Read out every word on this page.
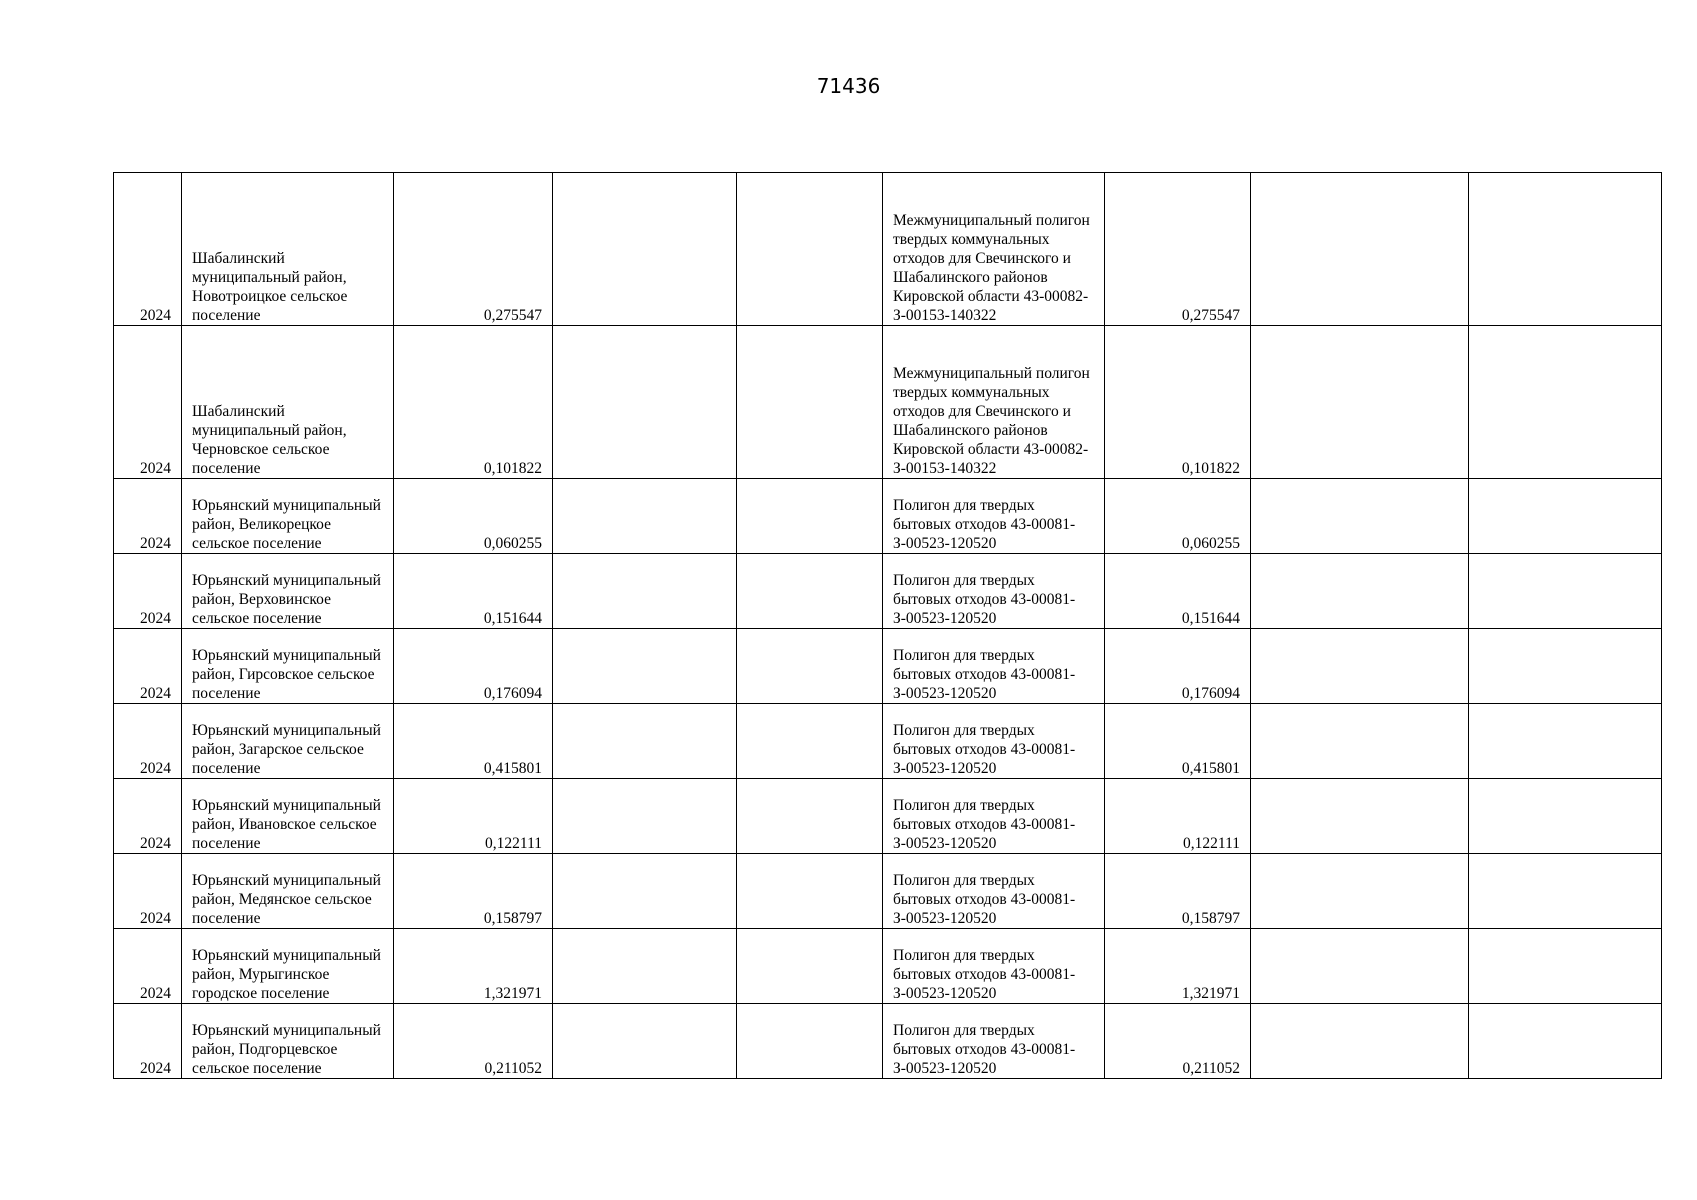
71436
2024	Шабалинский муниципальный район, Новотроицкое сельское поселение	0,275547			Межмуниципальный полигон твердых коммунальных отходов для Свечинского и Шабалинского районов Кировской области 43-00082-З-00153-140322	0,275547		
2024	Шабалинский муниципальный район, Черновское сельское поселение	0,101822			Межмуниципальный полигон твердых коммунальных отходов для Свечинского и Шабалинского районов Кировской области 43-00082-З-00153-140322	0,101822		
2024	Юрьянский муниципальный район, Великорецкое сельское поселение	0,060255			Полигон для твердых бытовых отходов 43-00081-З-00523-120520	0,060255		
2024	Юрьянский муниципальный район, Верховинское сельское поселение	0,151644			Полигон для твердых бытовых отходов 43-00081-З-00523-120520	0,151644		
2024	Юрьянский муниципальный район, Гирсовское сельское поселение	0,176094			Полигон для твердых бытовых отходов 43-00081-З-00523-120520	0,176094		
2024	Юрьянский муниципальный район, Загарское сельское поселение	0,415801			Полигон для твердых бытовых отходов 43-00081-З-00523-120520	0,415801		
2024	Юрьянский муниципальный район, Ивановское сельское поселение	0,122111			Полигон для твердых бытовых отходов 43-00081-З-00523-120520	0,122111		
2024	Юрьянский муниципальный район, Медянское сельское поселение	0,158797			Полигон для твердых бытовых отходов 43-00081-З-00523-120520	0,158797		
2024	Юрьянский муниципальный район, Мурыгинское городское поселение	1,321971			Полигон для твердых бытовых отходов 43-00081-З-00523-120520	1,321971		
2024	Юрьянский муниципальный район, Подгорцевское сельское поселение	0,211052			Полигон для твердых бытовых отходов 43-00081-З-00523-120520	0,211052		
